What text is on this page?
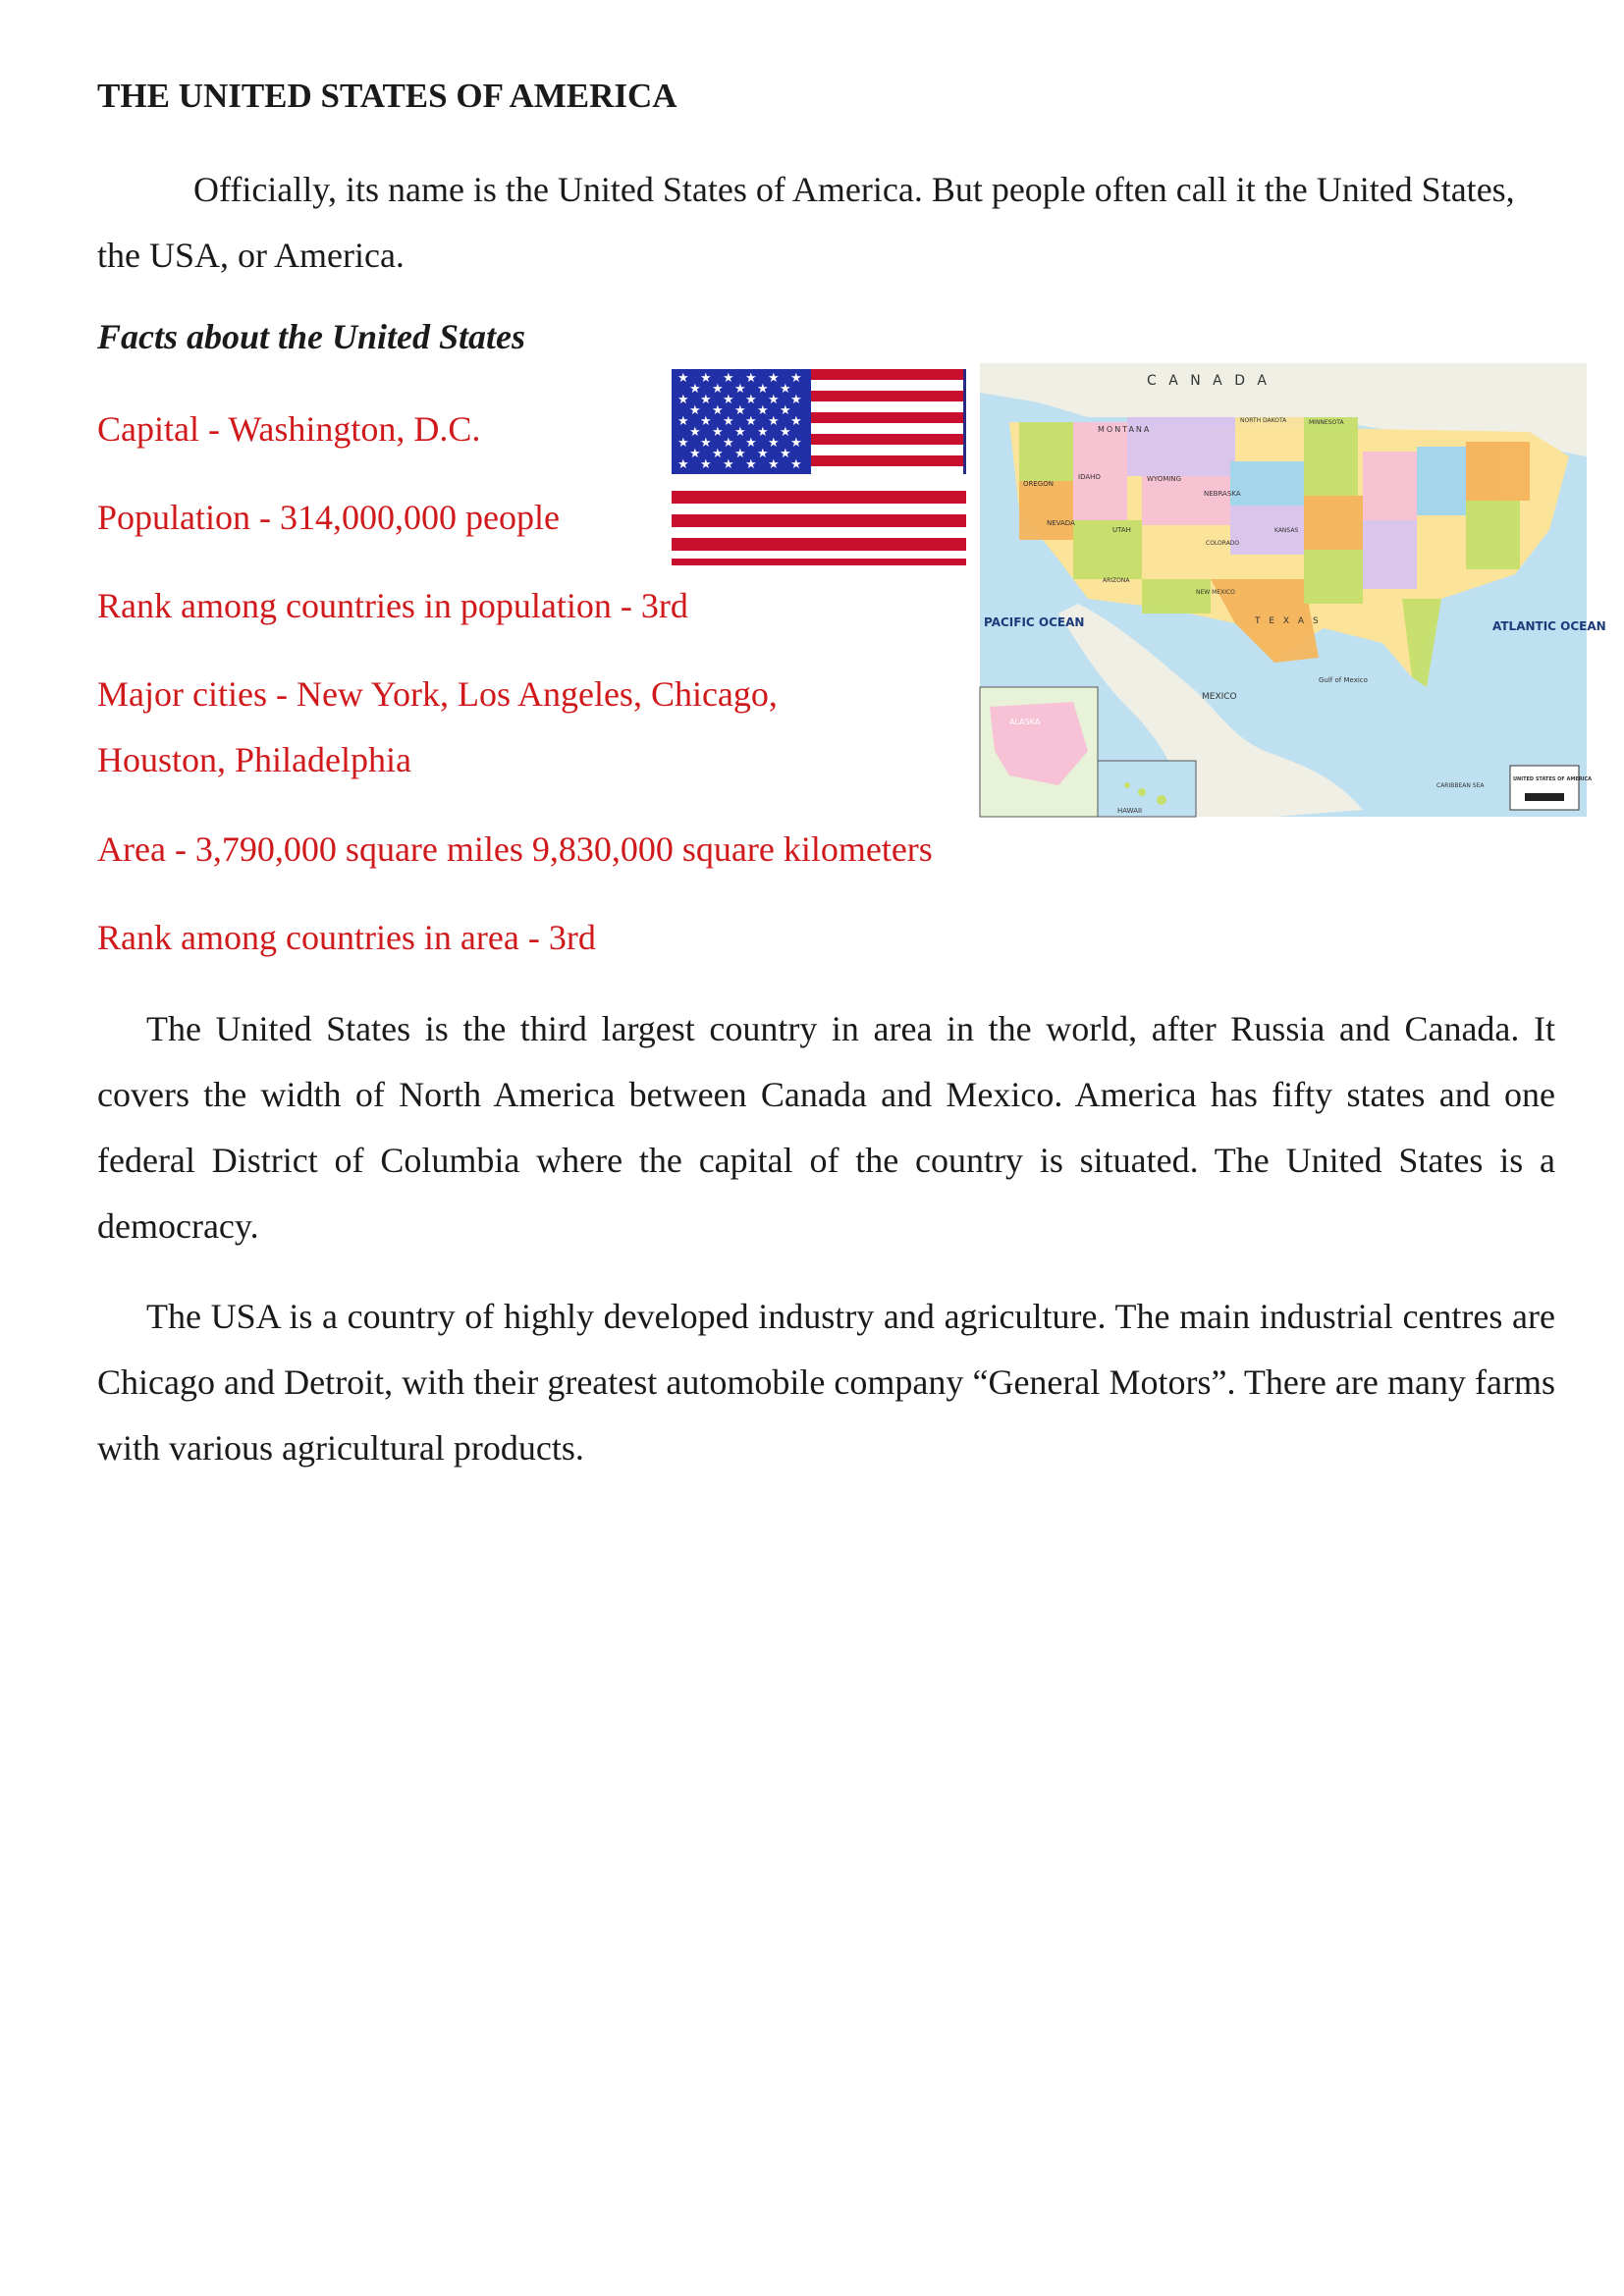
THE UNITED STATES OF AMERICA

Officially, its name is the United States of America. But people often call it the United States, the USA, or America.

Facts about the United States

Capital - Washington, D.C.

Population - 314,000,000 people

Rank among countries in population - 3rd

Major cities - New York, Los Angeles, Chicago,

Houston, Philadelphia

Area - 3,790,000 square miles 9,830,000 square kilometers

Rank among countries in area - 3rd

★ ★ ★ ★ ★ ★
★ ★ ★ ★ ★
★ ★ ★ ★ ★ ★
★ ★ ★ ★ ★
★ ★ ★ ★ ★ ★
★ ★ ★ ★ ★
★ ★ ★ ★ ★ ★
★ ★ ★ ★ ★
★ ★ ★ ★ ★ ★
C A N A D A
MONTANA
NORTH DAKOTA	MINNESOTA
OREGON
IDAHO	WYOMING
NEBRASKA
NEVADA
UTAH
COLORADO
KANSAS
ARIZONA
NEW MEXICO
T E X A S
PACIFIC OCEAN	ATLANTIC OCEAN
Gulf of Mexico
MEXICO
ALASKA
HAWAII
CARIBBEAN SEA
UNITED STATES OF AMERICA

The United States is the third largest country in area in the world, after Russia and Canada. It covers the width of North America between Canada and Mexico. America has fifty states and one federal District of Columbia where the capital of the country is situated. The United States is a democracy.

The USA is a country of highly developed industry and agriculture. The main industrial centres are Chicago and Detroit, with their greatest automobile company “General Motors”. There are many farms with various agricultural products.
